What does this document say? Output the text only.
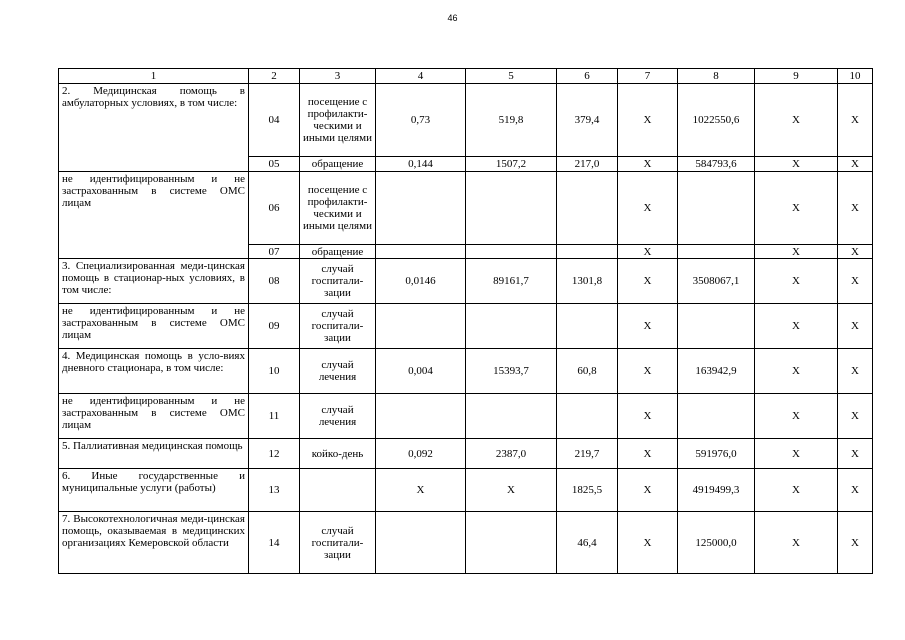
46
1	2	3	4	5	6	7	8	9	10
2. Медицинская помощь в амбулаторных условиях, в том числе:	04	посещение с профилакти-ческими и иными целями	0,73	519,8	379,4	Х	1022550,6	Х	Х
	05	обращение	0,144	1507,2	217,0	Х	584793,6	Х	Х
не идентифицированным и не застрахованным в системе ОМС лицам	06	посещение с профилакти-ческими и иными целями				Х		Х	Х
	07	обращение				Х		Х	Х
3. Специализированная меди-цинская помощь в стационар-ных условиях, в том числе:	08	случай госпитали-зации	0,0146	89161,7	1301,8	Х	3508067,1	Х	Х
не идентифицированным и не застрахованным в системе ОМС лицам	09	случай госпитали-зации				Х		Х	Х
4. Медицинская помощь в усло-виях дневного стационара, в том числе:	10	случай лечения	0,004	15393,7	60,8	Х	163942,9	Х	Х
не идентифицированным и не застрахованным в системе ОМС лицам	11	случай лечения				Х		Х	Х
5. Паллиативная медицинская помощь	12	койко-день	0,092	2387,0	219,7	Х	591976,0	Х	Х
6. Иные государственные и муниципальные услуги (работы)	13		Х	Х	1825,5	Х	4919499,3	Х	Х
7. Высокотехнологичная меди-цинская помощь, оказываемая в медицинских организациях Кемеровской области	14	случай госпитали-зации			46,4	Х	125000,0	Х	Х
